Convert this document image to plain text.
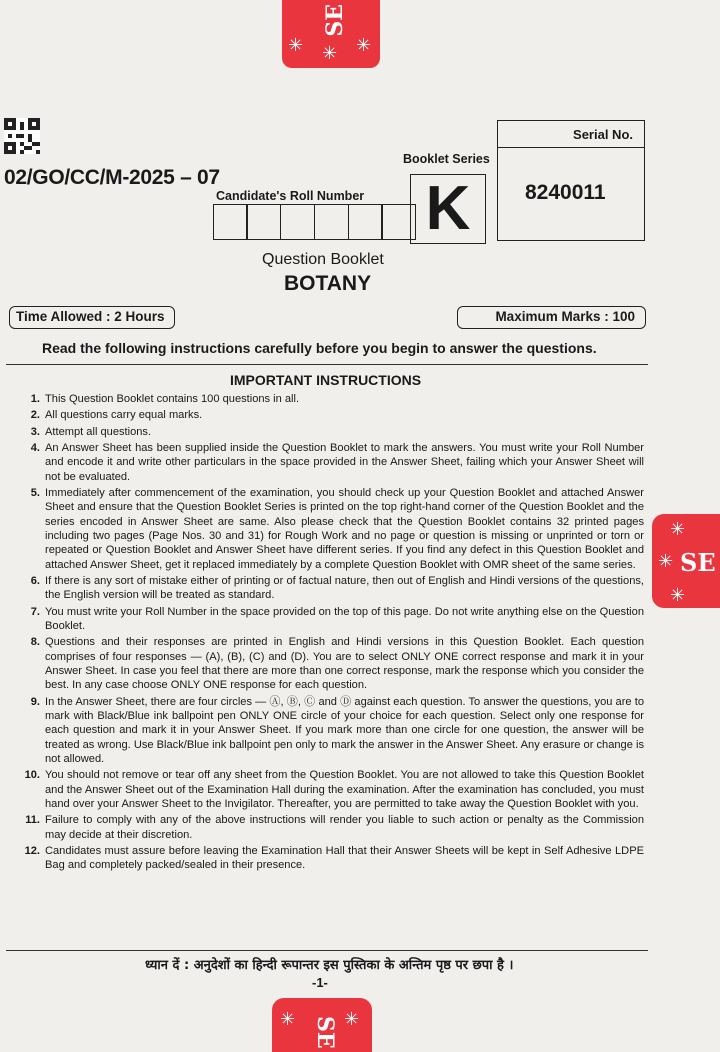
✳ ✳ ✳
SE
✳
✳
✳
SE
✳	✳
SE
02/GO/CC/M-2025 – 07
Candidate's Roll Number
Booklet Series
K
Serial No.
8240011
Question Booklet
BOTANY
Time Allowed : 2 Hours	Maximum Marks : 100
Read the following instructions carefully before you begin to answer the questions.
IMPORTANT INSTRUCTIONS
1. This Question Booklet contains 100 questions in all.
2. All questions carry equal marks.
3. Attempt all questions.
4. An Answer Sheet has been supplied inside the Question Booklet to mark the answers. You must write your Roll Number and encode it and write other particulars in the space provided in the Answer Sheet, failing which your Answer Sheet will not be evaluated.
5. Immediately after commencement of the examination, you should check up your Question Booklet and attached Answer Sheet and ensure that the Question Booklet Series is printed on the top right-hand corner of the Question Booklet and the series encoded in Answer Sheet are same. Also please check that the Question Booklet contains 32 printed pages including two pages (Page Nos. 30 and 31) for Rough Work and no page or question is missing or unprinted or torn or repeated or Question Booklet and Answer Sheet have different series. If you find any defect in this Question Booklet and attached Answer Sheet, get it replaced immediately by a complete Question Booklet with OMR sheet of the same series.
6. If there is any sort of mistake either of printing or of factual nature, then out of English and Hindi versions of the questions, the English version will be treated as standard.
7. You must write your Roll Number in the space provided on the top of this page. Do not write anything else on the Question Booklet.
8. Questions and their responses are printed in English and Hindi versions in this Question Booklet. Each question comprises of four responses — (A), (B), (C) and (D). You are to select ONLY ONE correct response and mark it in your Answer Sheet. In case you feel that there are more than one correct response, mark the response which you consider the best. In any case choose ONLY ONE response for each question.
9. In the Answer Sheet, there are four circles — Ⓐ, Ⓑ, Ⓒ and Ⓓ against each question. To answer the questions, you are to mark with Black/Blue ink ballpoint pen ONLY ONE circle of your choice for each question. Select only one response for each question and mark it in your Answer Sheet. If you mark more than one circle for one question, the answer will be treated as wrong. Use Black/Blue ink ballpoint pen only to mark the answer in the Answer Sheet. Any erasure or change is not allowed.
10. You should not remove or tear off any sheet from the Question Booklet. You are not allowed to take this Question Booklet and the Answer Sheet out of the Examination Hall during the examination. After the examination has concluded, you must hand over your Answer Sheet to the Invigilator. Thereafter, you are permitted to take away the Question Booklet with you.
11. Failure to comply with any of the above instructions will render you liable to such action or penalty as the Commission may decide at their discretion.
12. Candidates must assure before leaving the Examination Hall that their Answer Sheets will be kept in Self Adhesive LDPE Bag and completely packed/sealed in their presence.
ध्यान दें : अनुदेशों का हिन्दी रूपान्तर इस पुस्तिका के अन्तिम पृष्ठ पर छपा है ।
-1-
